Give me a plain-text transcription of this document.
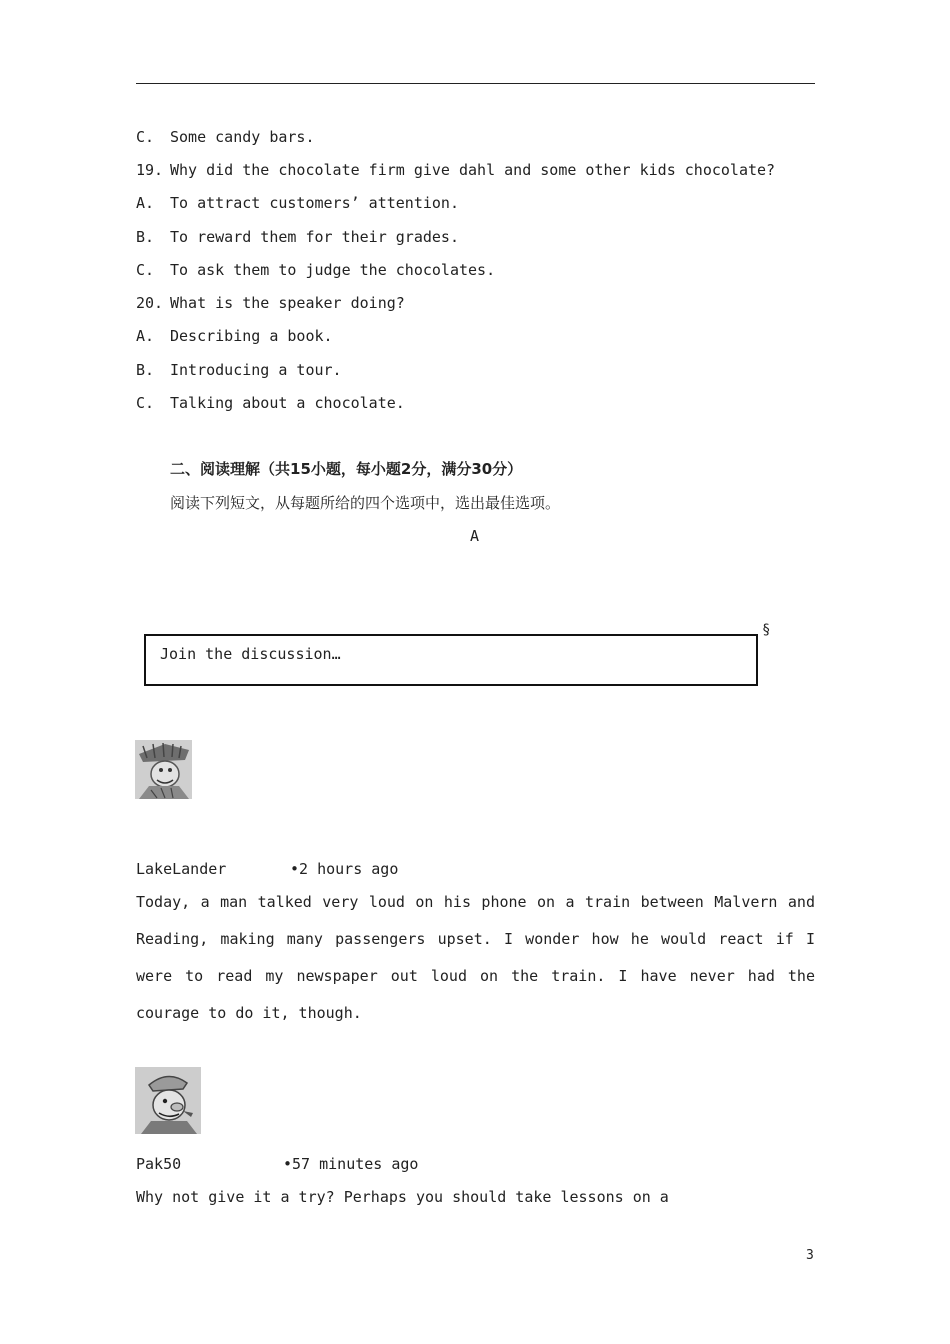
C. Some candy bars.
19. Why did the chocolate firm give dahl and some other kids chocolate?
A. To attract customers’ attention.
B. To reward them for their grades.
C. To ask them to judge the chocolates.
20. What is the speaker doing?
A. Describing a book.
B. Introducing a tour.
C. Talking about a chocolate.
二、阅读理解（共15小题，每小题2分，满分30分）
阅读下列短文，从每题所给的四个选项中，选出最佳选项。
A
Join the discussion…
§
LakeLander	•2 hours ago
Today, a man talked very loud on his phone on a train between Malvern and Reading, making many passengers upset. I wonder how he would react if I were to read my newspaper out loud on the train. I have never had the courage to do it, though.
Pak50	•57 minutes ago
Why not give it a try? Perhaps you should take lessons on a
3
